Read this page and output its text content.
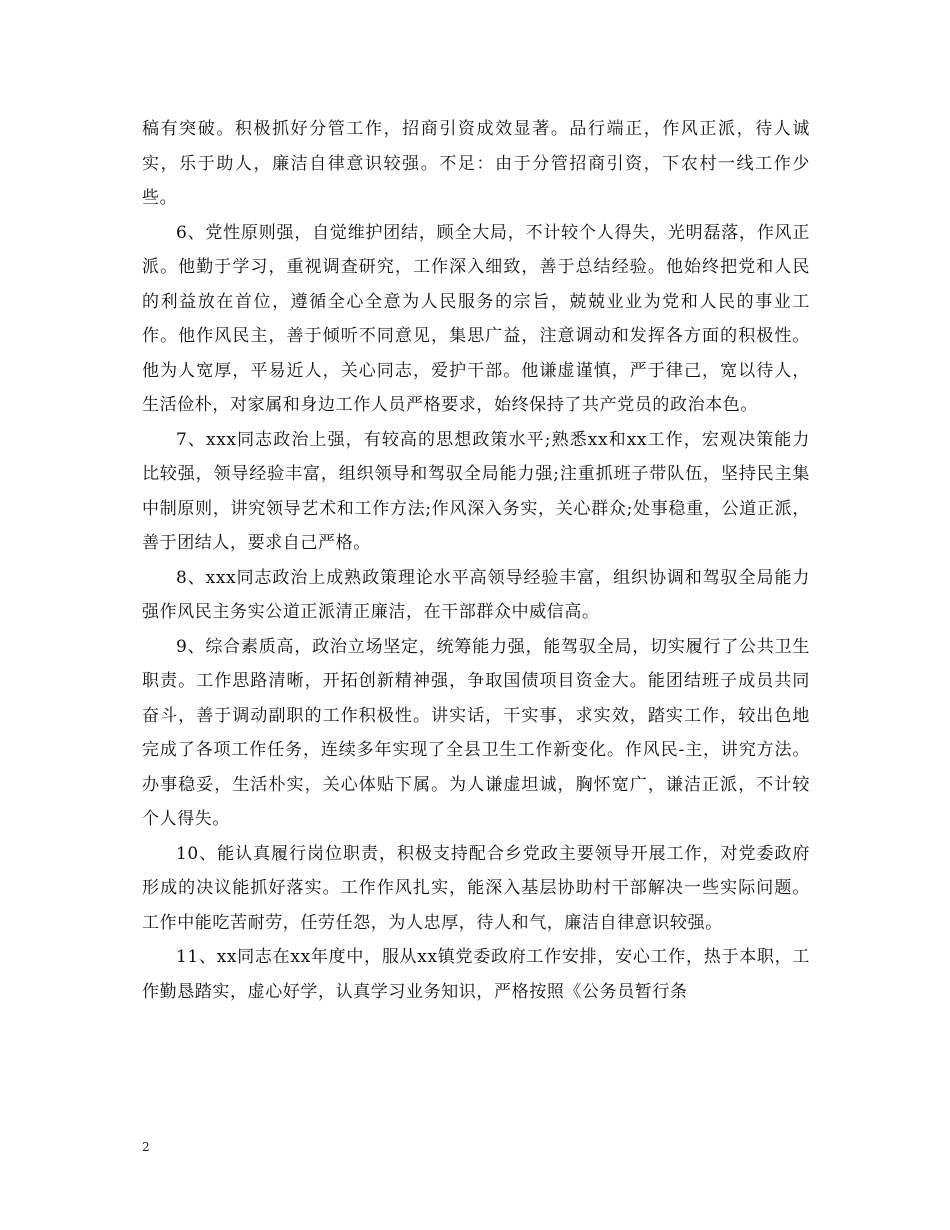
稿有突破。积极抓好分管工作，招商引资成效显著。品行端正，作风正派，待人诚实，乐于助人，廉洁自律意识较强。不足：由于分管招商引资，下农村一线工作少些。

6、党性原则强，自觉维护团结，顾全大局，不计较个人得失，光明磊落，作风正派。他勤于学习，重视调查研究，工作深入细致，善于总结经验。他始终把党和人民的利益放在首位，遵循全心全意为人民服务的宗旨，兢兢业业为党和人民的事业工作。他作风民主，善于倾听不同意见，集思广益，注意调动和发挥各方面的积极性。他为人宽厚，平易近人，关心同志，爱护干部。他谦虚谨慎，严于律己，宽以待人，生活俭朴，对家属和身边工作人员严格要求，始终保持了共产党员的政治本色。

7、xxx同志政治上强，有较高的思想政策水平;熟悉xx和xx工作，宏观决策能力比较强，领导经验丰富，组织领导和驾驭全局能力强;注重抓班子带队伍，坚持民主集中制原则，讲究领导艺术和工作方法;作风深入务实，关心群众;处事稳重，公道正派，善于团结人，要求自己严格。

8、xxx同志政治上成熟政策理论水平高领导经验丰富，组织协调和驾驭全局能力强作风民主务实公道正派清正廉洁，在干部群众中威信高。

9、综合素质高，政治立场坚定，统筹能力强，能驾驭全局，切实履行了公共卫生职责。工作思路清晰，开拓创新精神强，争取国债项目资金大。能团结班子成员共同奋斗，善于调动副职的工作积极性。讲实话，干实事，求实效，踏实工作，较出色地完成了各项工作任务，连续多年实现了全县卫生工作新变化。作风民-主，讲究方法。办事稳妥，生活朴实，关心体贴下属。为人谦虚坦诚，胸怀宽广，谦洁正派，不计较个人得失。

10、能认真履行岗位职责，积极支持配合乡党政主要领导开展工作，对党委政府形成的决议能抓好落实。工作作风扎实，能深入基层协助村干部解决一些实际问题。工作中能吃苦耐劳，任劳任怨，为人忠厚，待人和气，廉洁自律意识较强。

11、xx同志在xx年度中，服从xx镇党委政府工作安排，安心工作，热于本职，工作勤恳踏实，虚心好学，认真学习业务知识，严格按照《公务员暂行条

2
